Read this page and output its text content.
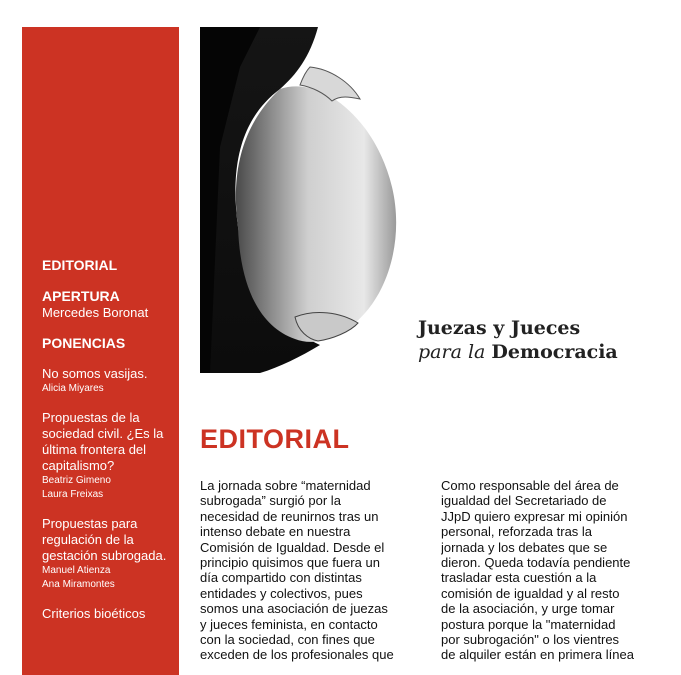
EDITORIAL
APERTURA
Mercedes Boronat
PONENCIAS
No somos vasijas.
Alicia Miyares
Propuestas de la sociedad civil. ¿Es la última frontera del capitalismo?
Beatriz Gimeno
Laura Freixas
Propuestas para regulación de la gestación subrogada.
Manuel Atienza
Ana Miramontes
Criterios bioéticos
Juezas y Jueces
para la Democracia
EDITORIAL
La jornada sobre “maternidad
subrogada” surgió por la
necesidad de reunirnos tras un
intenso debate en nuestra
Comisión de Igualdad. Desde el
principio quisimos que fuera un
día compartido con distintas
entidades y colectivos, pues
somos una asociación de juezas
y jueces feminista, en contacto
con la sociedad, con fines que
exceden de los profesionales que
Como responsable del área de
igualdad del Secretariado de
JJpD quiero expresar mi opinión
personal, reforzada tras la
jornada y los debates que se
dieron. Queda todavía pendiente
trasladar esta cuestión a la
comisión de igualdad y al resto
de la asociación, y urge tomar
postura porque la "maternidad
por subrogación" o los vientres
de alquiler están en primera línea
